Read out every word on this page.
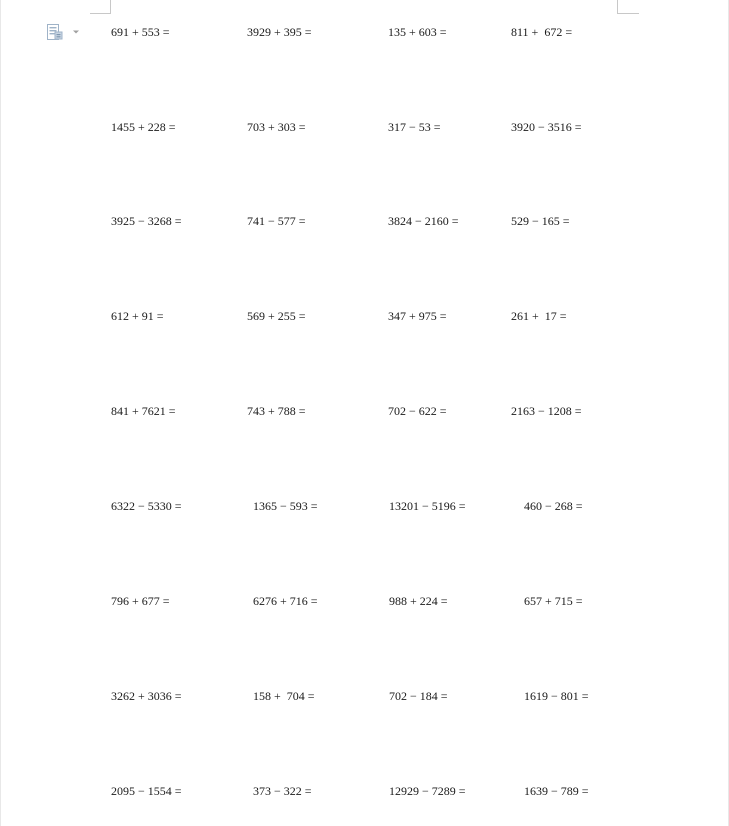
691 + 553 =	3929 + 395 =	135 + 603 =	811 +  672 =
1455 + 228 =	703 + 303 =	317 − 53 =	3920 − 3516 =
3925 − 3268 =	741 − 577 =	3824 − 2160 =	529 − 165 =
612 + 91 =	569 + 255 =	347 + 975 =	261 +  17 =
841 + 7621 =	743 + 788 =	702 − 622 =	2163 − 1208 =
6322 − 5330 =	1365 − 593 =	13201 − 5196 =	460 − 268 =
796 + 677 =	6276 + 716 =	988 + 224 =	657 + 715 =
3262 + 3036 =	158 +  704 =	702 − 184 =	1619 − 801 =
2095 − 1554 =	373 − 322 =	12929 − 7289 =	1639 − 789 =
